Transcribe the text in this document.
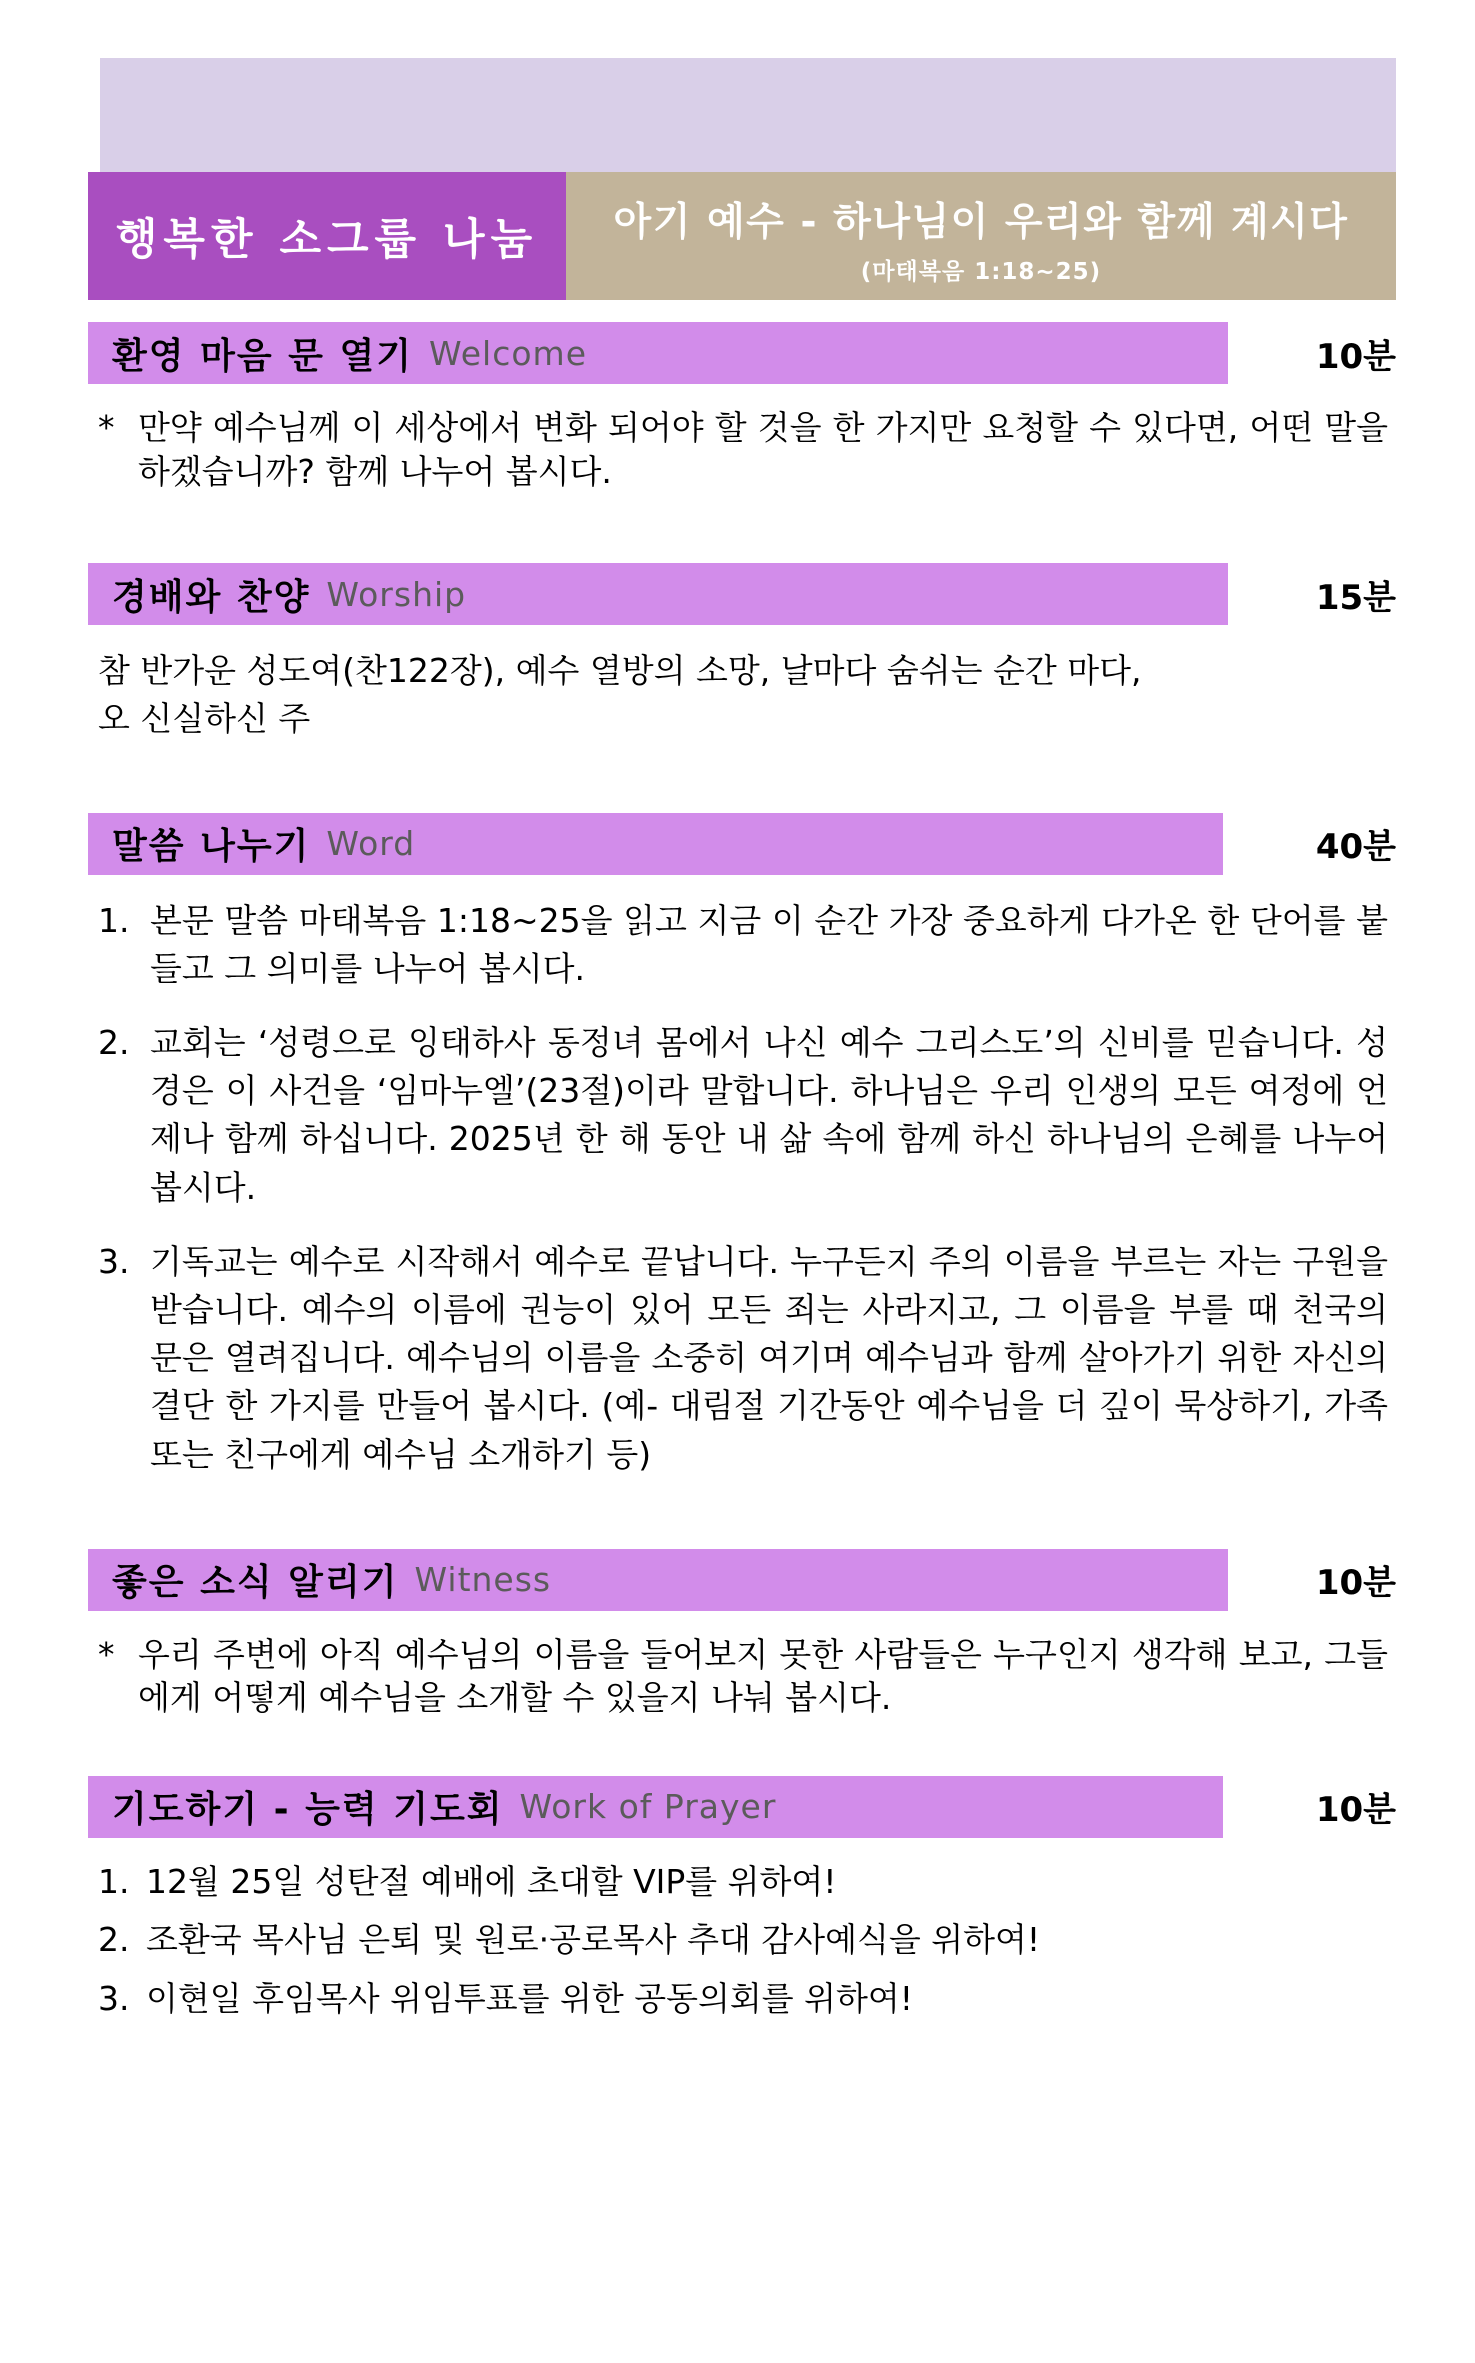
행복한 소그룹 나눔 아기 예수 - 하나님이 우리와 함께 계시다
(마태복음 1:18~25)
환영 마음 문 열기 Welcome	10분
* 만약 예수님께 이 세상에서 변화 되어야 할 것을 한 가지만 요청할 수 있다면, 어떤 말을 하겠습니까? 함께 나누어 봅시다.
경배와 찬양 Worship	15분
참 반가운 성도여(찬122장), 예수 열방의 소망, 날마다 숨쉬는 순간 마다,
오 신실하신 주
말씀 나누기 Word	40분
1. 본문 말씀 마태복음 1:18~25을 읽고 지금 이 순간 가장 중요하게 다가온 한 단어를 붙들고 그 의미를 나누어 봅시다.
2. 교회는 ‘성령으로 잉태하사 동정녀 몸에서 나신 예수 그리스도’의 신비를 믿습니다. 성경은 이 사건을 ‘임마누엘’(23절)이라 말합니다. 하나님은 우리 인생의 모든 여정에 언제나 함께 하십니다. 2025년 한 해 동안 내 삶 속에 함께 하신 하나님의 은혜를 나누어 봅시다.
3. 기독교는 예수로 시작해서 예수로 끝납니다. 누구든지 주의 이름을 부르는 자는 구원을 받습니다. 예수의 이름에 권능이 있어 모든 죄는 사라지고, 그 이름을 부를 때 천국의 문은 열려집니다. 예수님의 이름을 소중히 여기며 예수님과 함께 살아가기 위한 자신의 결단 한 가지를 만들어 봅시다. (예- 대림절 기간동안 예수님을 더 깊이 묵상하기, 가족 또는 친구에게 예수님 소개하기 등)
좋은 소식 알리기 Witness	10분
* 우리 주변에 아직 예수님의 이름을 들어보지 못한 사람들은 누구인지 생각해 보고, 그들에게 어떻게 예수님을 소개할 수 있을지 나눠 봅시다.
기도하기 - 능력 기도회 Work of Prayer	10분
1. 12월 25일 성탄절 예배에 초대할 VIP를 위하여!
2. 조환국 목사님 은퇴 및 원로·공로목사 추대 감사예식을 위하여!
3. 이현일 후임목사 위임투표를 위한 공동의회를 위하여!
